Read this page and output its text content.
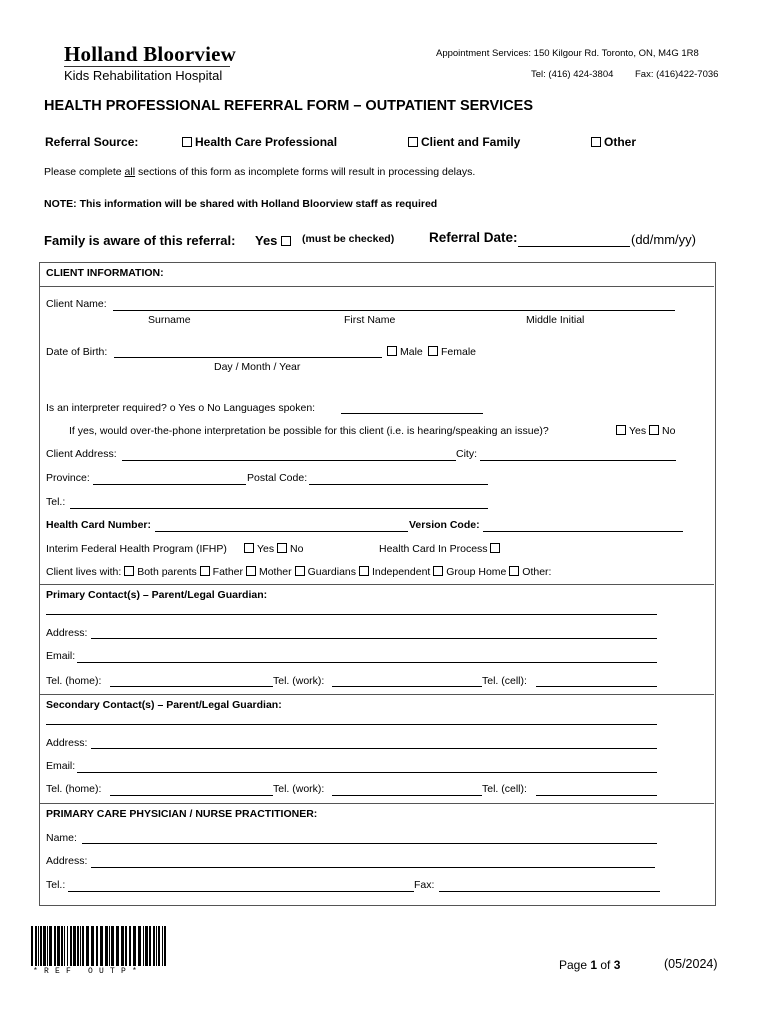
Holland Bloorview
Kids Rehabilitation Hospital
Appointment Services: 150 Kilgour Rd. Toronto, ON, M4G 1R8
Tel: (416) 424-3804 Fax: (416)422-7036
HEALTH PROFESSIONAL REFERRAL FORM – OUTPATIENT SERVICES
Referral Source:	Health Care Professional	Client and Family	Other
Please complete all sections of this form as incomplete forms will result in processing delays.
NOTE: This information will be shared with Holland Bloorview staff as required
Family is aware of this referral: Yes	(must be checked)	Referral Date:	(dd/mm/yy)
CLIENT INFORMATION:
Client Name:
Surname	First Name	Middle Initial
Date of Birth:	Male	Female
Day / Month / Year
Is an interpreter required? o Yes o No Languages spoken:
If yes, would over-the-phone interpretation be possible for this client (i.e. is hearing/speaking an issue)?	Yes	No
Client Address:	City:
Province:	Postal Code:
Tel.:
Health Card Number:	Version Code:
Interim Federal Health Program (IFHP)	Yes	No	Health Card In Process
Client lives with: Both parents Father Mother Guardians Independent Group Home Other:
Primary Contact(s) – Parent/Legal Guardian:
Address:
Email:
Tel. (home):	Tel. (work):	Tel. (cell):
Secondary Contact(s) – Parent/Legal Guardian:
Address:
Email:
Tel. (home):	Tel. (work):	Tel. (cell):
PRIMARY CARE PHYSICIAN / NURSE PRACTITIONER:
Name:
Address:
Tel.:	Fax:
*REF OUTP*	Page 1 of 3	(05/2024)
